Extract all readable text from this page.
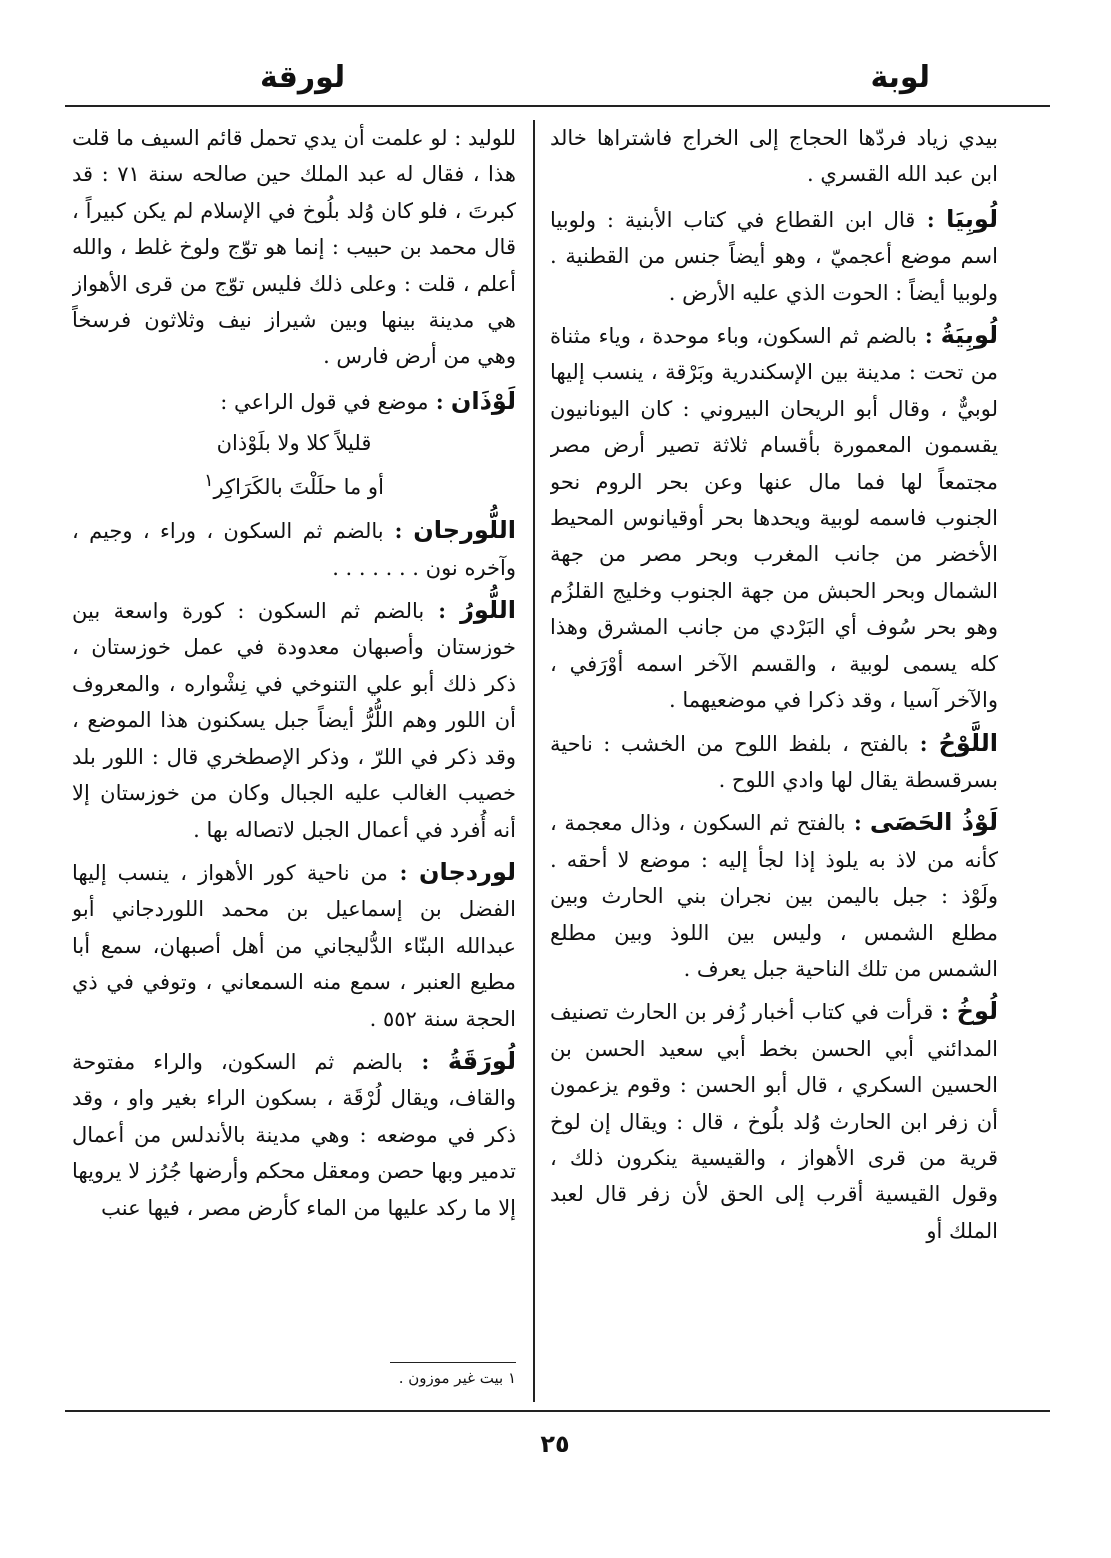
لوبة
لورقة

بيدي زياد فردّها الحجاج إلى الخراج فاشتراها خالد ابن عبد الله القسري .

لُوبِيَا : قال ابن القطاع في كتاب الأبنية : ولوبيا اسم موضع أعجميّ ، وهو أيضاً جنس من القطنية . ولوبيا أيضاً : الحوت الذي عليه الأرض .

لُوبِيَةُ : بالضم ثم السكون، وباء موحدة ، وياء مثناة من تحت : مدينة بين الإسكندرية وبَرْقة ، ينسب إليها لوبيٌّ ، وقال أبو الريحان البيروني : كان اليونانيون يقسمون المعمورة بأقسام ثلاثة تصير أرض مصر مجتمعاً لها فما مال عنها وعن بحر الروم نحو الجنوب فاسمه لوبية ويحدها بحر أوقيانوس المحيط الأخضر من جانب المغرب وبحر مصر من جهة الشمال وبحر الحبش من جهة الجنوب وخليج القلزُم وهو بحر سُوف أي البَرْدي من جانب المشرق وهذا كله يسمى لوبية ، والقسم الآخر اسمه أوْرَفي ، والآخر آسيا ، وقد ذكرا في موضعيهما .

اللَّوْحُ : بالفتح ، بلفظ اللوح من الخشب : ناحية بسرقسطة يقال لها وادي اللوح .

لَوْذُ الحَصَى : بالفتح ثم السكون ، وذال معجمة ، كأنه من لاذ به يلوذ إذا لجأ إليه : موضع لا أحقه . ولَوْذ : جبل باليمن بين نجران بني الحارث وبين مطلع الشمس ، وليس بين اللوذ وبين مطلع الشمس من تلك الناحية جبل يعرف .

لُوخُ : قرأت في كتاب أخبار زُفر بن الحارث تصنيف المدائني أبي الحسن بخط أبي سعيد الحسن بن الحسين السكري ، قال أبو الحسن : وقوم يزعمون أن زفر ابن الحارث وُلد بلُوخ ، قال : ويقال إن لوخ قرية من قرى الأهواز ، والقيسية ينكرون ذلك ، وقول القيسية أقرب إلى الحق لأن زفر قال لعبد الملك أو

للوليد : لو علمت أن يدي تحمل قائم السيف ما قلت هذا ، فقال له عبد الملك حين صالحه سنة ٧١ : قد كبرتَ ، فلو كان وُلد بلُوخ في الإسلام لم يكن كبيراً ، قال محمد بن حبيب : إنما هو توّج ولوخ غلط ، والله أعلم ، قلت : وعلى ذلك فليس توّج من قرى الأهواز هي مدينة بينها وبين شيراز نيف وثلاثون فرسخاً وهي من أرض فارس .

لَوْذَان : موضع في قول الراعي :
قليلاً كلا ولا بلَوْذان
أو ما حلَلْتَ بالكَرَاكِر$^١$

اللُّورجان : بالضم ثم السكون ، وراء ، وجيم ، وآخره نون . . . . . . .

اللُّورُ : بالضم ثم السكون : كورة واسعة بين خوزستان وأصبهان معدودة في عمل خوزستان ، ذكر ذلك أبو علي التنوخي في نِشْواره ، والمعروف أن اللور وهم اللُّرُّ أيضاً جبل يسكنون هذا الموضع ، وقد ذكر في اللرّ ، وذكر الإصطخري قال : اللور بلد خصيب الغالب عليه الجبال وكان من خوزستان إلا أنه أُفرد في أعمال الجبل لاتصاله بها .

لوردجان : من ناحية كور الأهواز ، ينسب إليها الفضل بن إسماعيل بن محمد اللوردجاني أبو عبدالله البنّاء الدُّليجاني من أهل أصبهان، سمع أبا مطيع العنبر ، سمع منه السمعاني ، وتوفي في ذي الحجة سنة ٥٥٢ .

لُورَقَةُ : بالضم ثم السكون، والراء مفتوحة والقاف، ويقال لُرْقَة ، بسكون الراء بغير واو ، وقد ذكر في موضعه : وهي مدينة بالأندلس من أعمال تدمير وبها حصن ومعقل محكم وأرضها جُرُز لا يرويها إلا ما ركد عليها من الماء كأرض مصر ، فيها عنب

١ بيت غير موزون .
٢٥
